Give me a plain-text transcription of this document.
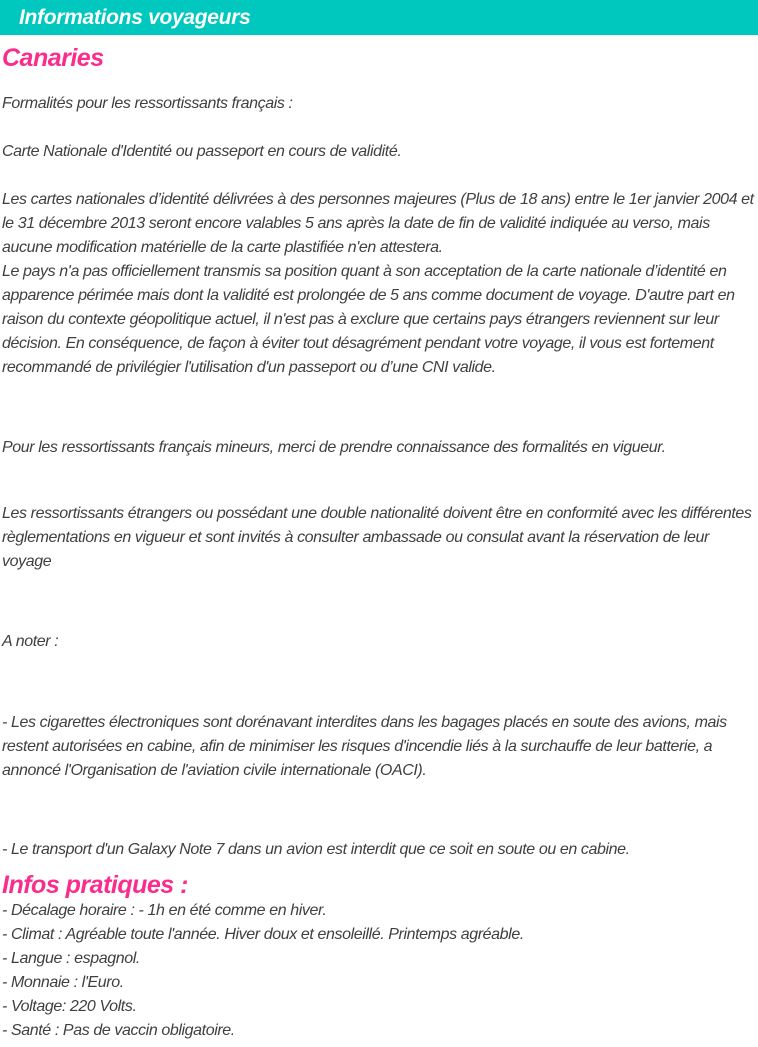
Informations voyageurs
Canaries

Formalités pour les ressortissants français :

Carte Nationale d'Identité ou passeport en cours de validité.

Les cartes nationales d’identité délivrées à des personnes majeures (Plus de 18 ans) entre le 1er janvier 2004 et le 31 décembre 2013 seront encore valables 5 ans après la date de fin de validité indiquée au verso, mais aucune modification matérielle de la carte plastifiée n'en attestera.
Le pays n'a pas officiellement transmis sa position quant à son acceptation de la carte nationale d’identité en apparence périmée mais dont la validité est prolongée de 5 ans comme document de voyage. D'autre part en raison du contexte géopolitique actuel, il n'est pas à exclure que certains pays étrangers reviennent sur leur décision. En conséquence, de façon à éviter tout désagrément pendant votre voyage, il vous est fortement recommandé de privilégier l'utilisation d'un passeport ou d’une CNI valide.

Pour les ressortissants français mineurs, merci de prendre connaissance des formalités en vigueur.

Les ressortissants étrangers ou possédant une double nationalité doivent être en conformité avec les différentes règlementations en vigueur et sont invités à consulter ambassade ou consulat avant la réservation de leur voyage

A noter :

- Les cigarettes électroniques sont dorénavant interdites dans les bagages placés en soute des avions, mais restent autorisées en cabine, afin de minimiser les risques d'incendie liés à la surchauffe de leur batterie, a annoncé l'Organisation de l'aviation civile internationale (OACI).

- Le transport d'un Galaxy Note 7 dans un avion est interdit que ce soit en soute ou en cabine.

Infos pratiques :

- Décalage horaire : - 1h en été comme en hiver.

- Climat : Agréable toute l'année. Hiver doux et ensoleillé. Printemps agréable.

- Langue : espagnol.

- Monnaie : l'Euro.

- Voltage: 220 Volts.

- Santé : Pas de vaccin obligatoire.
